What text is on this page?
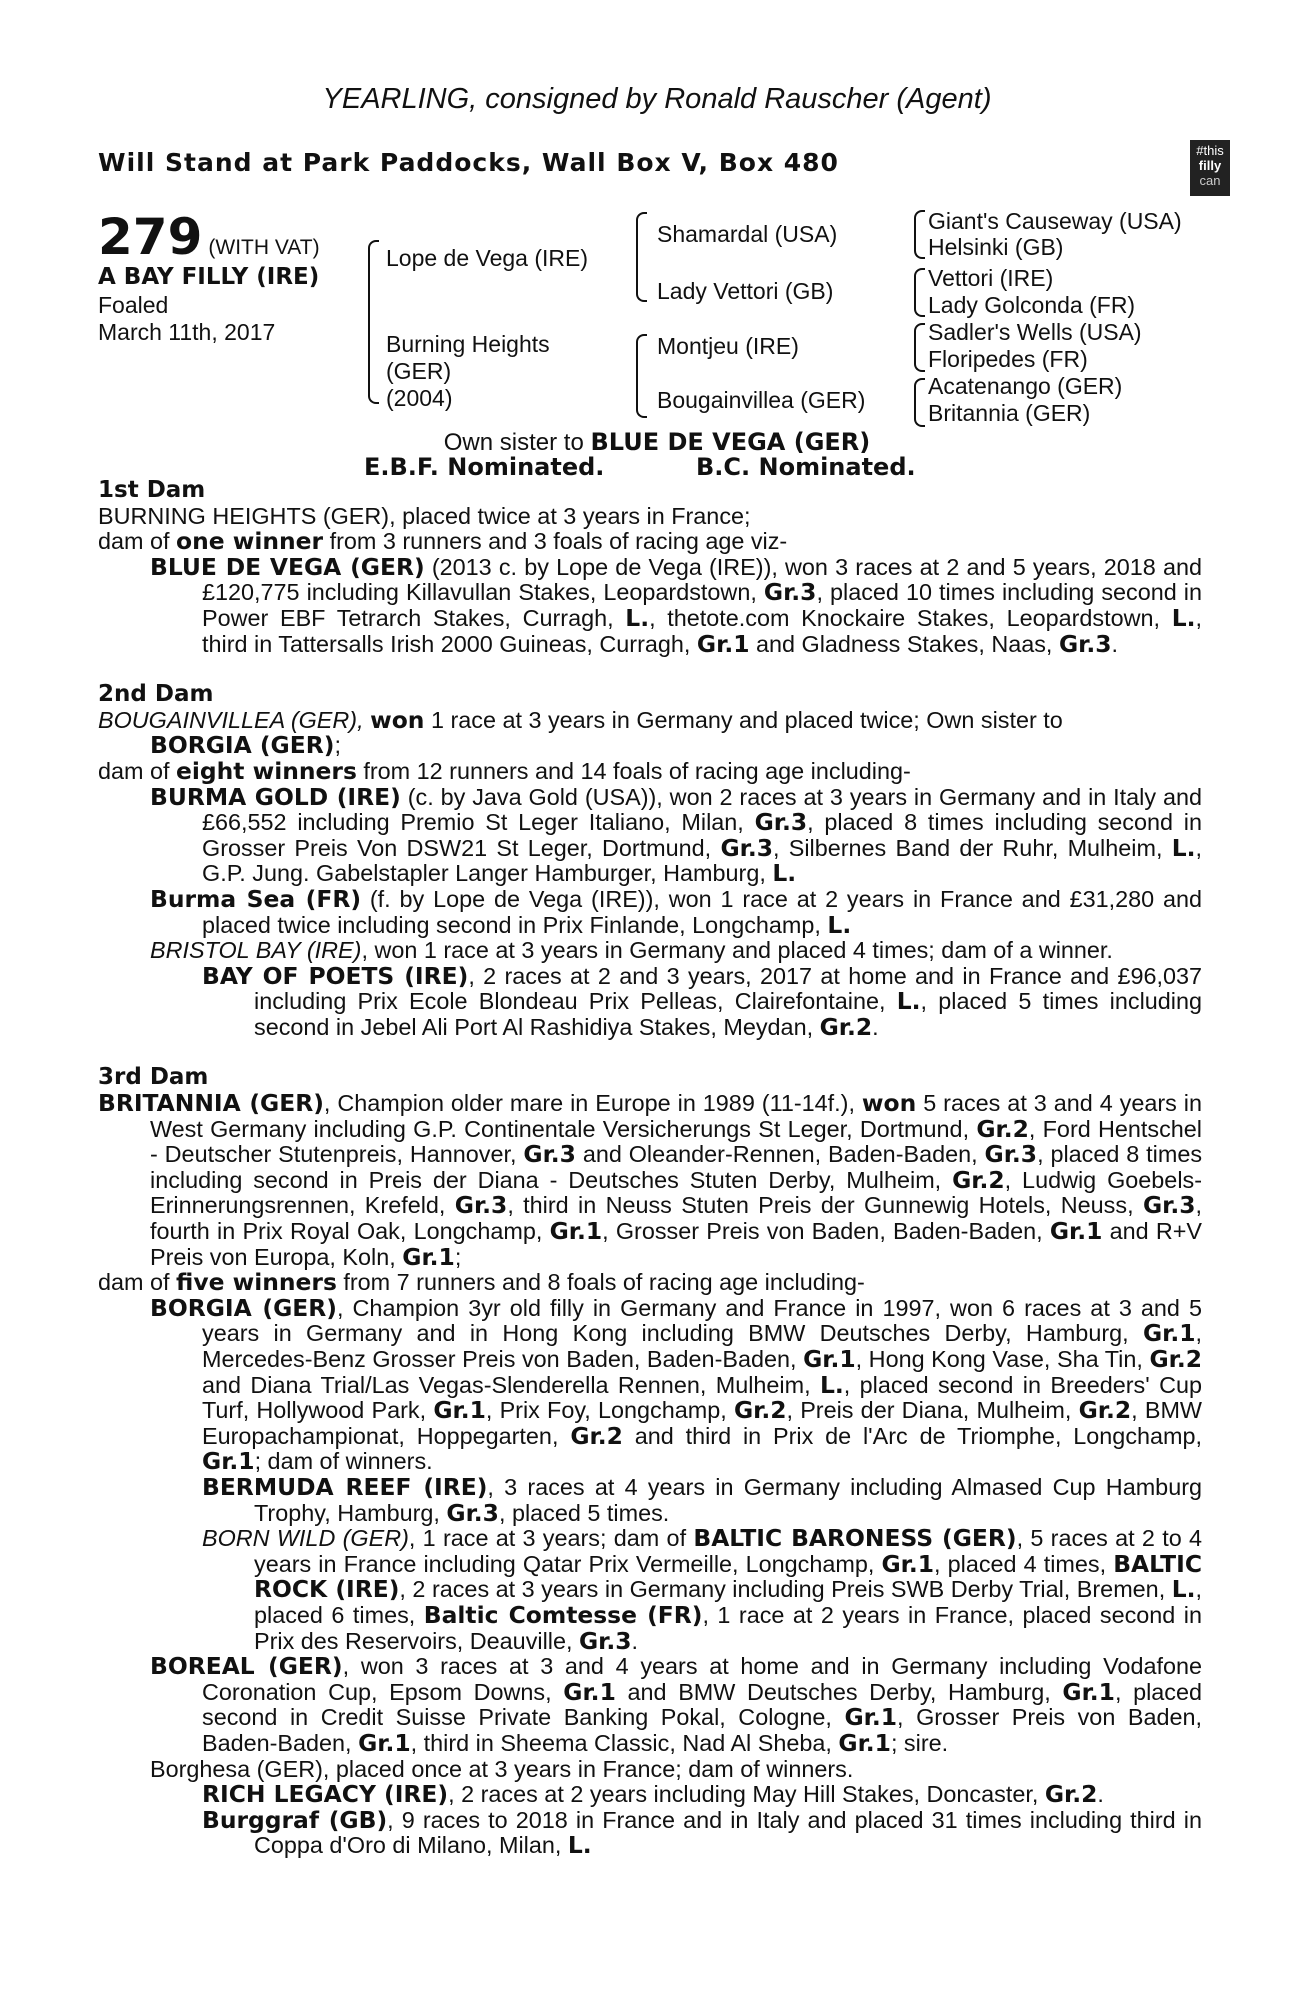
YEARLING, consigned by Ronald Rauscher (Agent)
Will Stand at Park Paddocks, Wall Box V, Box 480	#this
filly
can
279 (WITH VAT)
A BAY FILLY (IRE)
Foaled
March 11th, 2017
Lope de Vega (IRE)
Burning Heights
(GER)
(2004)
Shamardal (USA)
Lady Vettori (GB)
Montjeu (IRE)
Bougainvillea (GER)
Giant's Causeway (USA)
Helsinki (GB)
Vettori (IRE)
Lady Golconda (FR)
Sadler's Wells (USA)
Floripedes (FR)
Acatenango (GER)
Britannia (GER)
Own sister to BLUE DE VEGA (GER)
E.B.F. Nominated.	B.C. Nominated.

1st Dam

BURNING HEIGHTS (GER), placed twice at 3 years in France;

dam of one winner from 3 runners and 3 foals of racing age viz-

BLUE DE VEGA (GER) (2013 c. by Lope de Vega (IRE)), won 3 races at 2 and 5 years, 2018 and £120,775 including Killavullan Stakes, Leopardstown, Gr.3, placed 10 times including second in Power EBF Tetrarch Stakes, Curragh, L., thetote.com Knockaire Stakes, Leopardstown, L., third in Tattersalls Irish 2000 Guineas, Curragh, Gr.1 and Gladness Stakes, Naas, Gr.3.

2nd Dam

BOUGAINVILLEA (GER), won 1 race at 3 years in Germany and placed twice; Own sister to
BORGIA (GER);

dam of eight winners from 12 runners and 14 foals of racing age including-

BURMA GOLD (IRE) (c. by Java Gold (USA)), won 2 races at 3 years in Germany and in Italy and £66,552 including Premio St Leger Italiano, Milan, Gr.3, placed 8 times including second in Grosser Preis Von DSW21 St Leger, Dortmund, Gr.3, Silbernes Band der Ruhr, Mulheim, L., G.P. Jung. Gabelstapler Langer Hamburger, Hamburg, L.

Burma Sea (FR) (f. by Lope de Vega (IRE)), won 1 race at 2 years in France and £31,280 and placed twice including second in Prix Finlande, Longchamp, L.

BRISTOL BAY (IRE), won 1 race at 3 years in Germany and placed 4 times; dam of a winner.

BAY OF POETS (IRE), 2 races at 2 and 3 years, 2017 at home and in France and £96,037 including Prix Ecole Blondeau Prix Pelleas, Clairefontaine, L., placed 5 times including second in Jebel Ali Port Al Rashidiya Stakes, Meydan, Gr.2.

3rd Dam

BRITANNIA (GER), Champion older mare in Europe in 1989 (11-14f.), won 5 races at 3 and 4 years in West Germany including G.P. Continentale Versicherungs St Leger, Dortmund, Gr.2, Ford Hentschel - Deutscher Stutenpreis, Hannover, Gr.3 and Oleander-Rennen, Baden-Baden, Gr.3, placed 8 times including second in Preis der Diana - Deutsches Stuten Derby, Mulheim, Gr.2, Ludwig Goebels-Erinnerungsrennen, Krefeld, Gr.3, third in Neuss Stuten Preis der Gunnewig Hotels, Neuss, Gr.3, fourth in Prix Royal Oak, Longchamp, Gr.1, Grosser Preis von Baden, Baden-Baden, Gr.1 and R+V Preis von Europa, Koln, Gr.1;

dam of five winners from 7 runners and 8 foals of racing age including-

BORGIA (GER), Champion 3yr old filly in Germany and France in 1997, won 6 races at 3 and 5 years in Germany and in Hong Kong including BMW Deutsches Derby, Hamburg, Gr.1, Mercedes-Benz Grosser Preis von Baden, Baden-Baden, Gr.1, Hong Kong Vase, Sha Tin, Gr.2 and Diana Trial/Las Vegas-Slenderella Rennen, Mulheim, L., placed second in Breeders' Cup Turf, Hollywood Park, Gr.1, Prix Foy, Longchamp, Gr.2, Preis der Diana, Mulheim, Gr.2, BMW Europachampionat, Hoppegarten, Gr.2 and third in Prix de l'Arc de Triomphe, Longchamp, Gr.1; dam of winners.

BERMUDA REEF (IRE), 3 races at 4 years in Germany including Almased Cup Hamburg Trophy, Hamburg, Gr.3, placed 5 times.

BORN WILD (GER), 1 race at 3 years; dam of BALTIC BARONESS (GER), 5 races at 2 to 4 years in France including Qatar Prix Vermeille, Longchamp, Gr.1, placed 4 times, BALTIC ROCK (IRE), 2 races at 3 years in Germany including Preis SWB Derby Trial, Bremen, L., placed 6 times, Baltic Comtesse (FR), 1 race at 2 years in France, placed second in Prix des Reservoirs, Deauville, Gr.3.

BOREAL (GER), won 3 races at 3 and 4 years at home and in Germany including Vodafone Coronation Cup, Epsom Downs, Gr.1 and BMW Deutsches Derby, Hamburg, Gr.1, placed second in Credit Suisse Private Banking Pokal, Cologne, Gr.1, Grosser Preis von Baden, Baden-Baden, Gr.1, third in Sheema Classic, Nad Al Sheba, Gr.1; sire.

Borghesa (GER), placed once at 3 years in France; dam of winners.

RICH LEGACY (IRE), 2 races at 2 years including May Hill Stakes, Doncaster, Gr.2.

Burggraf (GB), 9 races to 2018 in France and in Italy and placed 31 times including third in Coppa d'Oro di Milano, Milan, L.
